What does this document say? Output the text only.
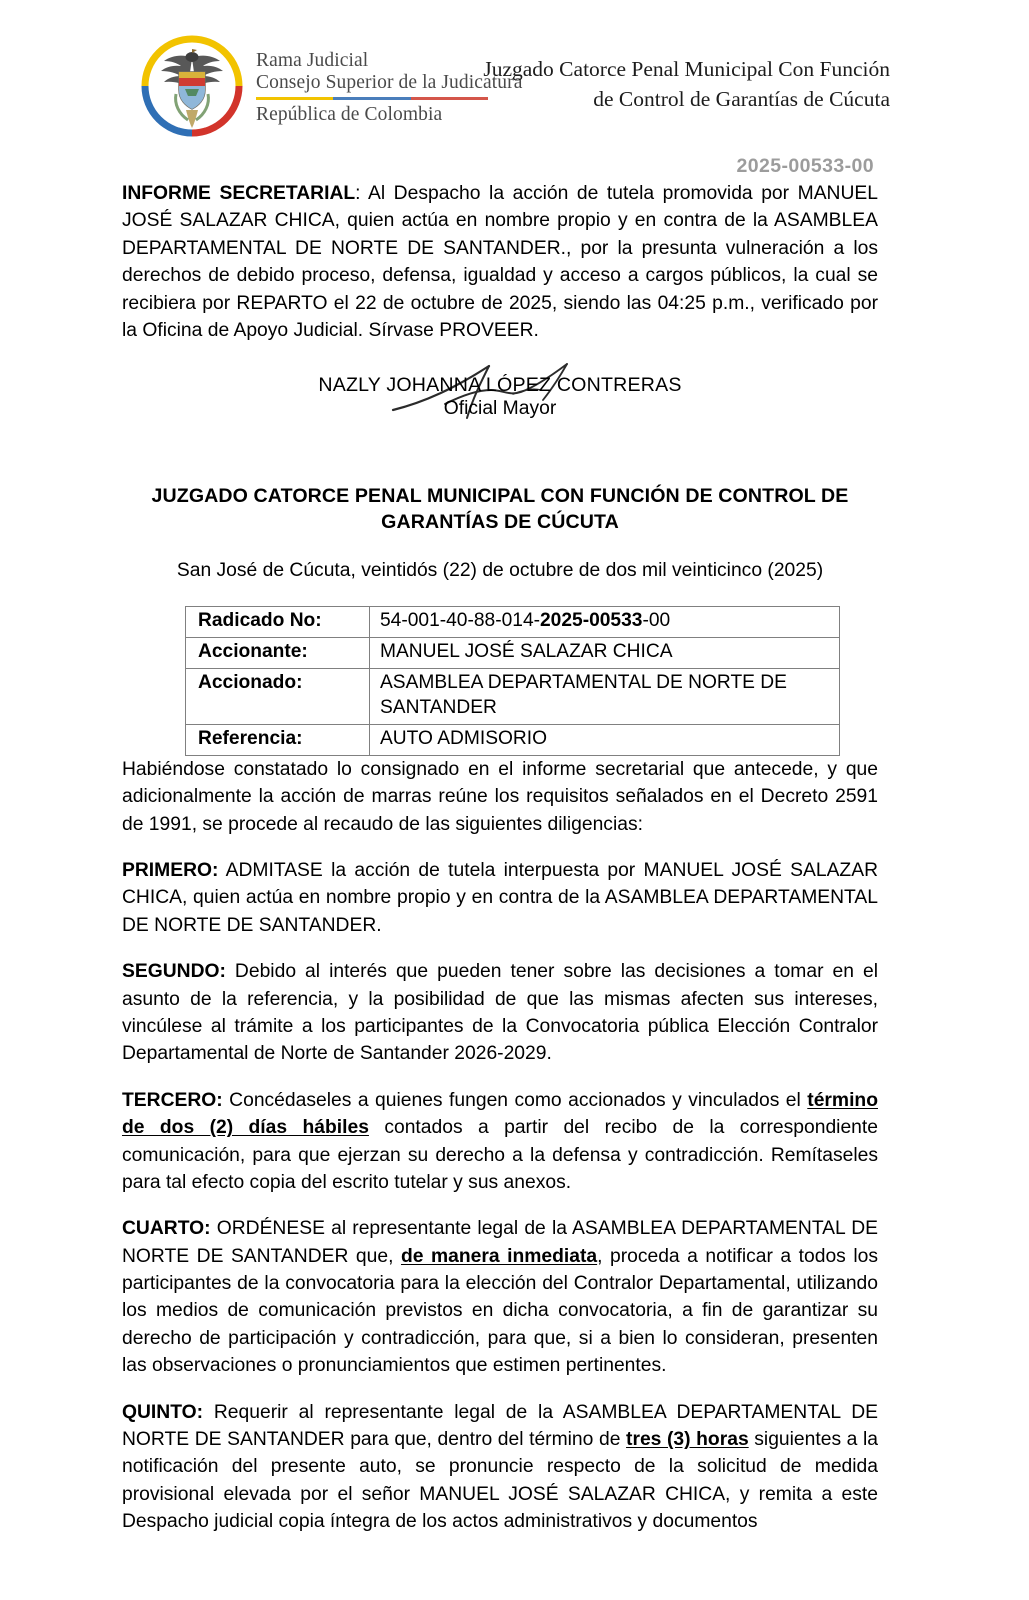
Rama Judicial
Consejo Superior de la Judicatura
República de Colombia
Juzgado Catorce Penal Municipal Con Función
de Control de Garantías de Cúcuta
2025-00533-00

INFORME SECRETARIAL: Al Despacho la acción de tutela promovida por MANUEL JOSÉ SALAZAR CHICA, quien actúa en nombre propio y en contra de la ASAMBLEA DEPARTAMENTAL DE NORTE DE SANTANDER., por la presunta vulneración a los derechos de debido proceso, defensa, igualdad y acceso a cargos públicos, la cual se recibiera por REPARTO el 22 de octubre de 2025, siendo las 04:25 p.m., verificado por la Oficina de Apoyo Judicial. Sírvase PROVEER.

NAZLY JOHANNA LÓPEZ CONTRERAS
Oficial Mayor
JUZGADO CATORCE PENAL MUNICIPAL CON FUNCIÓN DE CONTROL DE GARANTÍAS DE CÚCUTA
San José de Cúcuta, veintidós (22) de octubre de dos mil veinticinco (2025)
Radicado No:	54-001-40-88-014-2025-00533-00
Accionante:	MANUEL JOSÉ SALAZAR CHICA
Accionado:	ASAMBLEA DEPARTAMENTAL DE NORTE DE SANTANDER
Referencia:	AUTO ADMISORIO

Habiéndose constatado lo consignado en el informe secretarial que antecede, y que adicionalmente la acción de marras reúne los requisitos señalados en el Decreto 2591 de 1991, se procede al recaudo de las siguientes diligencias:

PRIMERO: ADMITASE la acción de tutela interpuesta por MANUEL JOSÉ SALAZAR CHICA, quien actúa en nombre propio y en contra de la ASAMBLEA DEPARTAMENTAL DE NORTE DE SANTANDER.

SEGUNDO: Debido al interés que pueden tener sobre las decisiones a tomar en el asunto de la referencia, y la posibilidad de que las mismas afecten sus intereses, vincúlese al trámite a los participantes de la Convocatoria pública Elección Contralor Departamental de Norte de Santander 2026-2029.

TERCERO: Concédaseles a quienes fungen como accionados y vinculados el término de dos (2) días hábiles contados a partir del recibo de la correspondiente comunicación, para que ejerzan su derecho a la defensa y contradicción. Remítaseles para tal efecto copia del escrito tutelar y sus anexos.

CUARTO: ORDÉNESE al representante legal de la ASAMBLEA DEPARTAMENTAL DE NORTE DE SANTANDER que, de manera inmediata, proceda a notificar a todos los participantes de la convocatoria para la elección del Contralor Departamental, utilizando los medios de comunicación previstos en dicha convocatoria, a fin de garantizar su derecho de participación y contradicción, para que, si a bien lo consideran, presenten las observaciones o pronunciamientos que estimen pertinentes.

QUINTO: Requerir al representante legal de la ASAMBLEA DEPARTAMENTAL DE NORTE DE SANTANDER para que, dentro del término de tres (3) horas siguientes a la notificación del presente auto, se pronuncie respecto de la solicitud de medida provisional elevada por el señor MANUEL JOSÉ SALAZAR CHICA, y remita a este Despacho judicial copia íntegra de los actos administrativos y documentos
